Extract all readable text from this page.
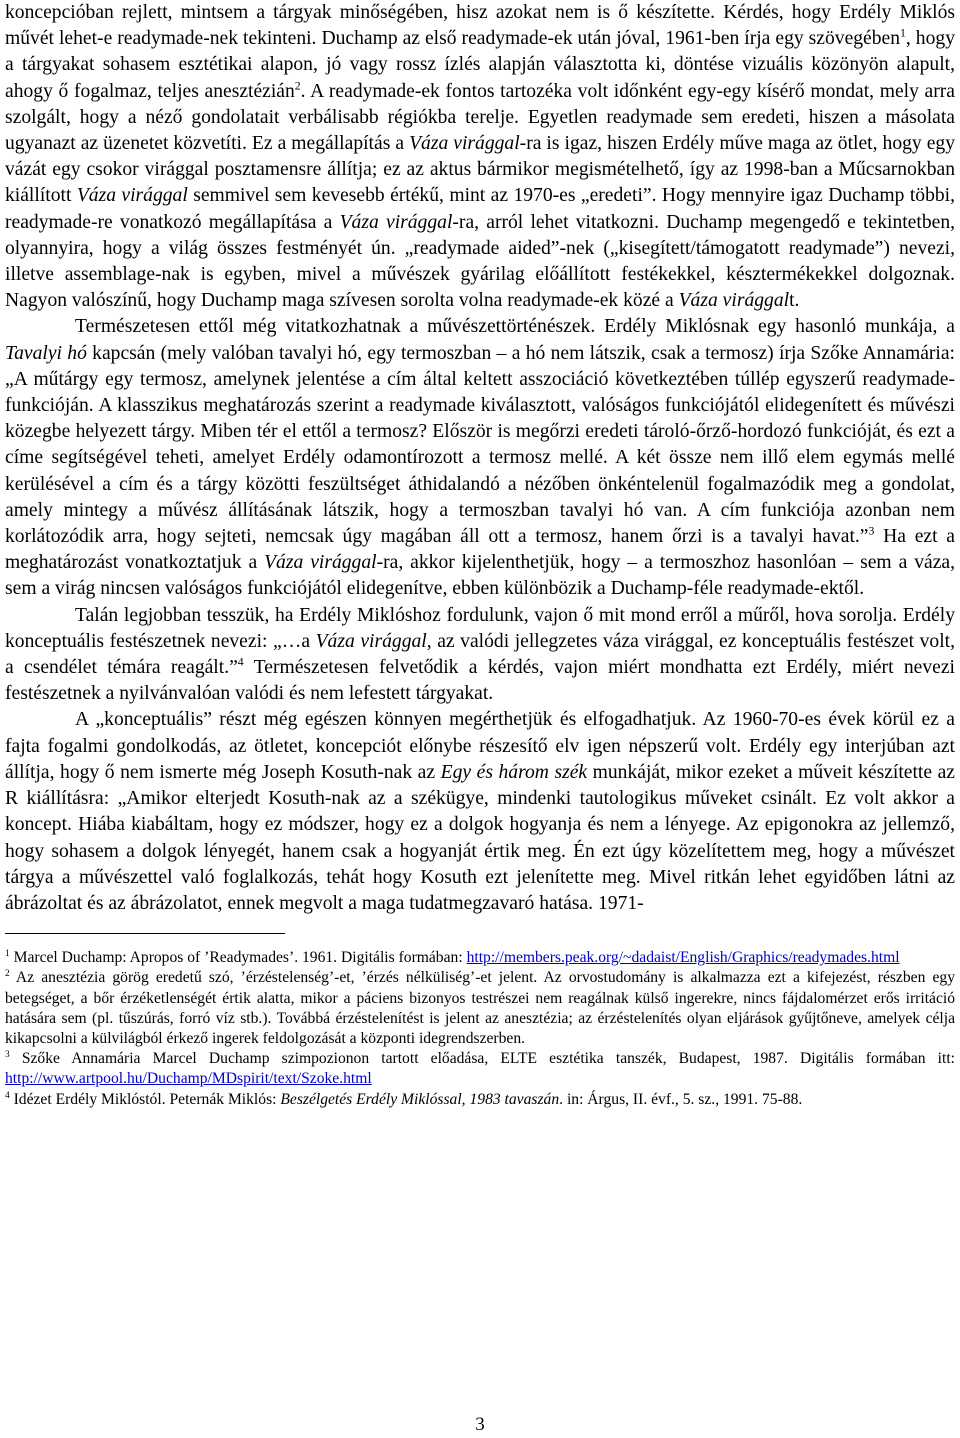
koncepcióban rejlett, mintsem a tárgyak minőségében, hisz azokat nem is ő készítette. Kérdés, hogy Erdély Miklós művét lehet-e readymade-nek tekinteni. Duchamp az első readymade-ek után jóval, 1961-ben írja egy szövegében$^1$, hogy a tárgyakat sohasem esztétikai alapon, jó vagy rossz ízlés alapján választotta ki, döntése vizuális közönyön alapult, ahogy ő fogalmaz, teljes anesztézián$^2$. A readymade-ek fontos tartozéka volt időnként egy-egy kísérő mondat, mely arra szolgált, hogy a néző gondolatait verbálisabb régiókba terelje. Egyetlen readymade sem eredeti, hiszen a másolata ugyanazt az üzenetet közvetíti. Ez a megállapítás a Váza virággal-ra is igaz, hiszen Erdély műve maga az ötlet, hogy egy vázát egy csokor virággal posztamensre állítja; ez az aktus bármikor megismételhető, így az 1998-ban a Műcsarnokban kiállított Váza virággal semmivel sem kevesebb értékű, mint az 1970-es „eredeti”. Hogy mennyire igaz Duchamp többi, readymade-re vonatkozó megállapítása a Váza virággal-ra, arról lehet vitatkozni. Duchamp megengedő e tekintetben, olyannyira, hogy a világ összes festményét ún. „readymade aided”-nek („kisegített/támogatott readymade”) nevezi, illetve assemblage-nak is egyben, mivel a művészek gyárilag előállított festékekkel, késztermékekkel dolgoznak. Nagyon valószínű, hogy Duchamp maga szívesen sorolta volna readymade-ek közé a Váza virággalt.

Természetesen ettől még vitatkozhatnak a művészettörténészek. Erdély Miklósnak egy hasonló munkája, a Tavalyi hó kapcsán (mely valóban tavalyi hó, egy termoszban – a hó nem látszik, csak a termosz) írja Szőke Annamária: „A műtárgy egy termosz, amelynek jelentése a cím által keltett asszociáció következtében túllép egyszerű readymade-funkcióján. A klasszikus meghatározás szerint a readymade kiválasztott, valóságos funkciójától elidegenített és művészi közegbe helyezett tárgy. Miben tér el ettől a termosz? Először is megőrzi eredeti tároló-őrző-hordozó funkcióját, és ezt a címe segítségével teheti, amelyet Erdély odamontírozott a termosz mellé. A két össze nem illő elem egymás mellé kerülésével a cím és a tárgy közötti feszültséget áthidalandó a nézőben önkéntelenül fogalmazódik meg a gondolat, amely mintegy a művész állításának látszik, hogy a termoszban tavalyi hó van. A cím funkciója azonban nem korlátozódik arra, hogy sejteti, nemcsak úgy magában áll ott a termosz, hanem őrzi is a tavalyi havat.”$^3$ Ha ezt a meghatározást vonatkoztatjuk a Váza virággal-ra, akkor kijelenthetjük, hogy – a termoszhoz hasonlóan – sem a váza, sem a virág nincsen valóságos funkciójától elidegenítve, ebben különbözik a Duchamp-féle readymade-ektől.

Talán legjobban tesszük, ha Erdély Miklóshoz fordulunk, vajon ő mit mond erről a műről, hova sorolja. Erdély konceptuális festészetnek nevezi: „…a Váza virággal, az valódi jellegzetes váza virággal, ez konceptuális festészet volt, a csendélet témára reagált.”$^4$ Természetesen felvetődik a kérdés, vajon miért mondhatta ezt Erdély, miért nevezi festészetnek a nyilvánvalóan valódi és nem lefestett tárgyakat.

A „konceptuális” részt még egészen könnyen megérthetjük és elfogadhatjuk. Az 1960-70-es évek körül ez a fajta fogalmi gondolkodás, az ötletet, koncepciót előnybe részesítő elv igen népszerű volt. Erdély egy interjúban azt állítja, hogy ő nem ismerte még Joseph Kosuth-nak az Egy és három szék munkáját, mikor ezeket a műveit készítette az R kiállításra: „Amikor elterjedt Kosuth-nak az a székügye, mindenki tautologikus műveket csinált. Ez volt akkor a koncept. Hiába kiabáltam, hogy ez módszer, hogy ez a dolgok hogyanja és nem a lényege. Az epigonokra az jellemző, hogy sohasem a dolgok lényegét, hanem csak a hogyanját értik meg. Én ezt úgy közelítettem meg, hogy a művészet tárgya a művészettel való foglalkozás, tehát hogy Kosuth ezt jelenítette meg. Mivel ritkán lehet egyidőben látni az ábrázoltat és az ábrázolatot, ennek megvolt a maga tudatmegzavaró hatása. 1971-

$^1$ Marcel Duchamp: Apropos of ’Readymades’. 1961. Digitális formában: http://members.peak.org/~dadaist/English/Graphics/readymades.html

$^2$ Az anesztézia görög eredetű szó, ’érzéstelenség’-et, ’érzés nélküliség’-et jelent. Az orvostudomány is alkalmazza ezt a kifejezést, részben egy betegséget, a bőr érzéketlenségét értik alatta, mikor a páciens bizonyos testrészei nem reagálnak külső ingerekre, nincs fájdalomérzet erős irritáció hatására sem (pl. tűszúrás, forró víz stb.). Továbbá érzéstelenítést is jelent az anesztézia; az érzéstelenítés olyan eljárások gyűjtőneve, amelyek célja kikapcsolni a külvilágból érkező ingerek feldolgozását a központi idegrendszerben.

$^3$ Szőke Annamária Marcel Duchamp szimpozionon tartott előadása, ELTE esztétika tanszék, Budapest, 1987. Digitális formában itt: http://www.artpool.hu/Duchamp/MDspirit/text/Szoke.html

$^4$ Idézet Erdély Miklóstól. Peternák Miklós: Beszélgetés Erdély Miklóssal, 1983 tavaszán. in: Árgus, II. évf., 5. sz., 1991. 75-88.

3
